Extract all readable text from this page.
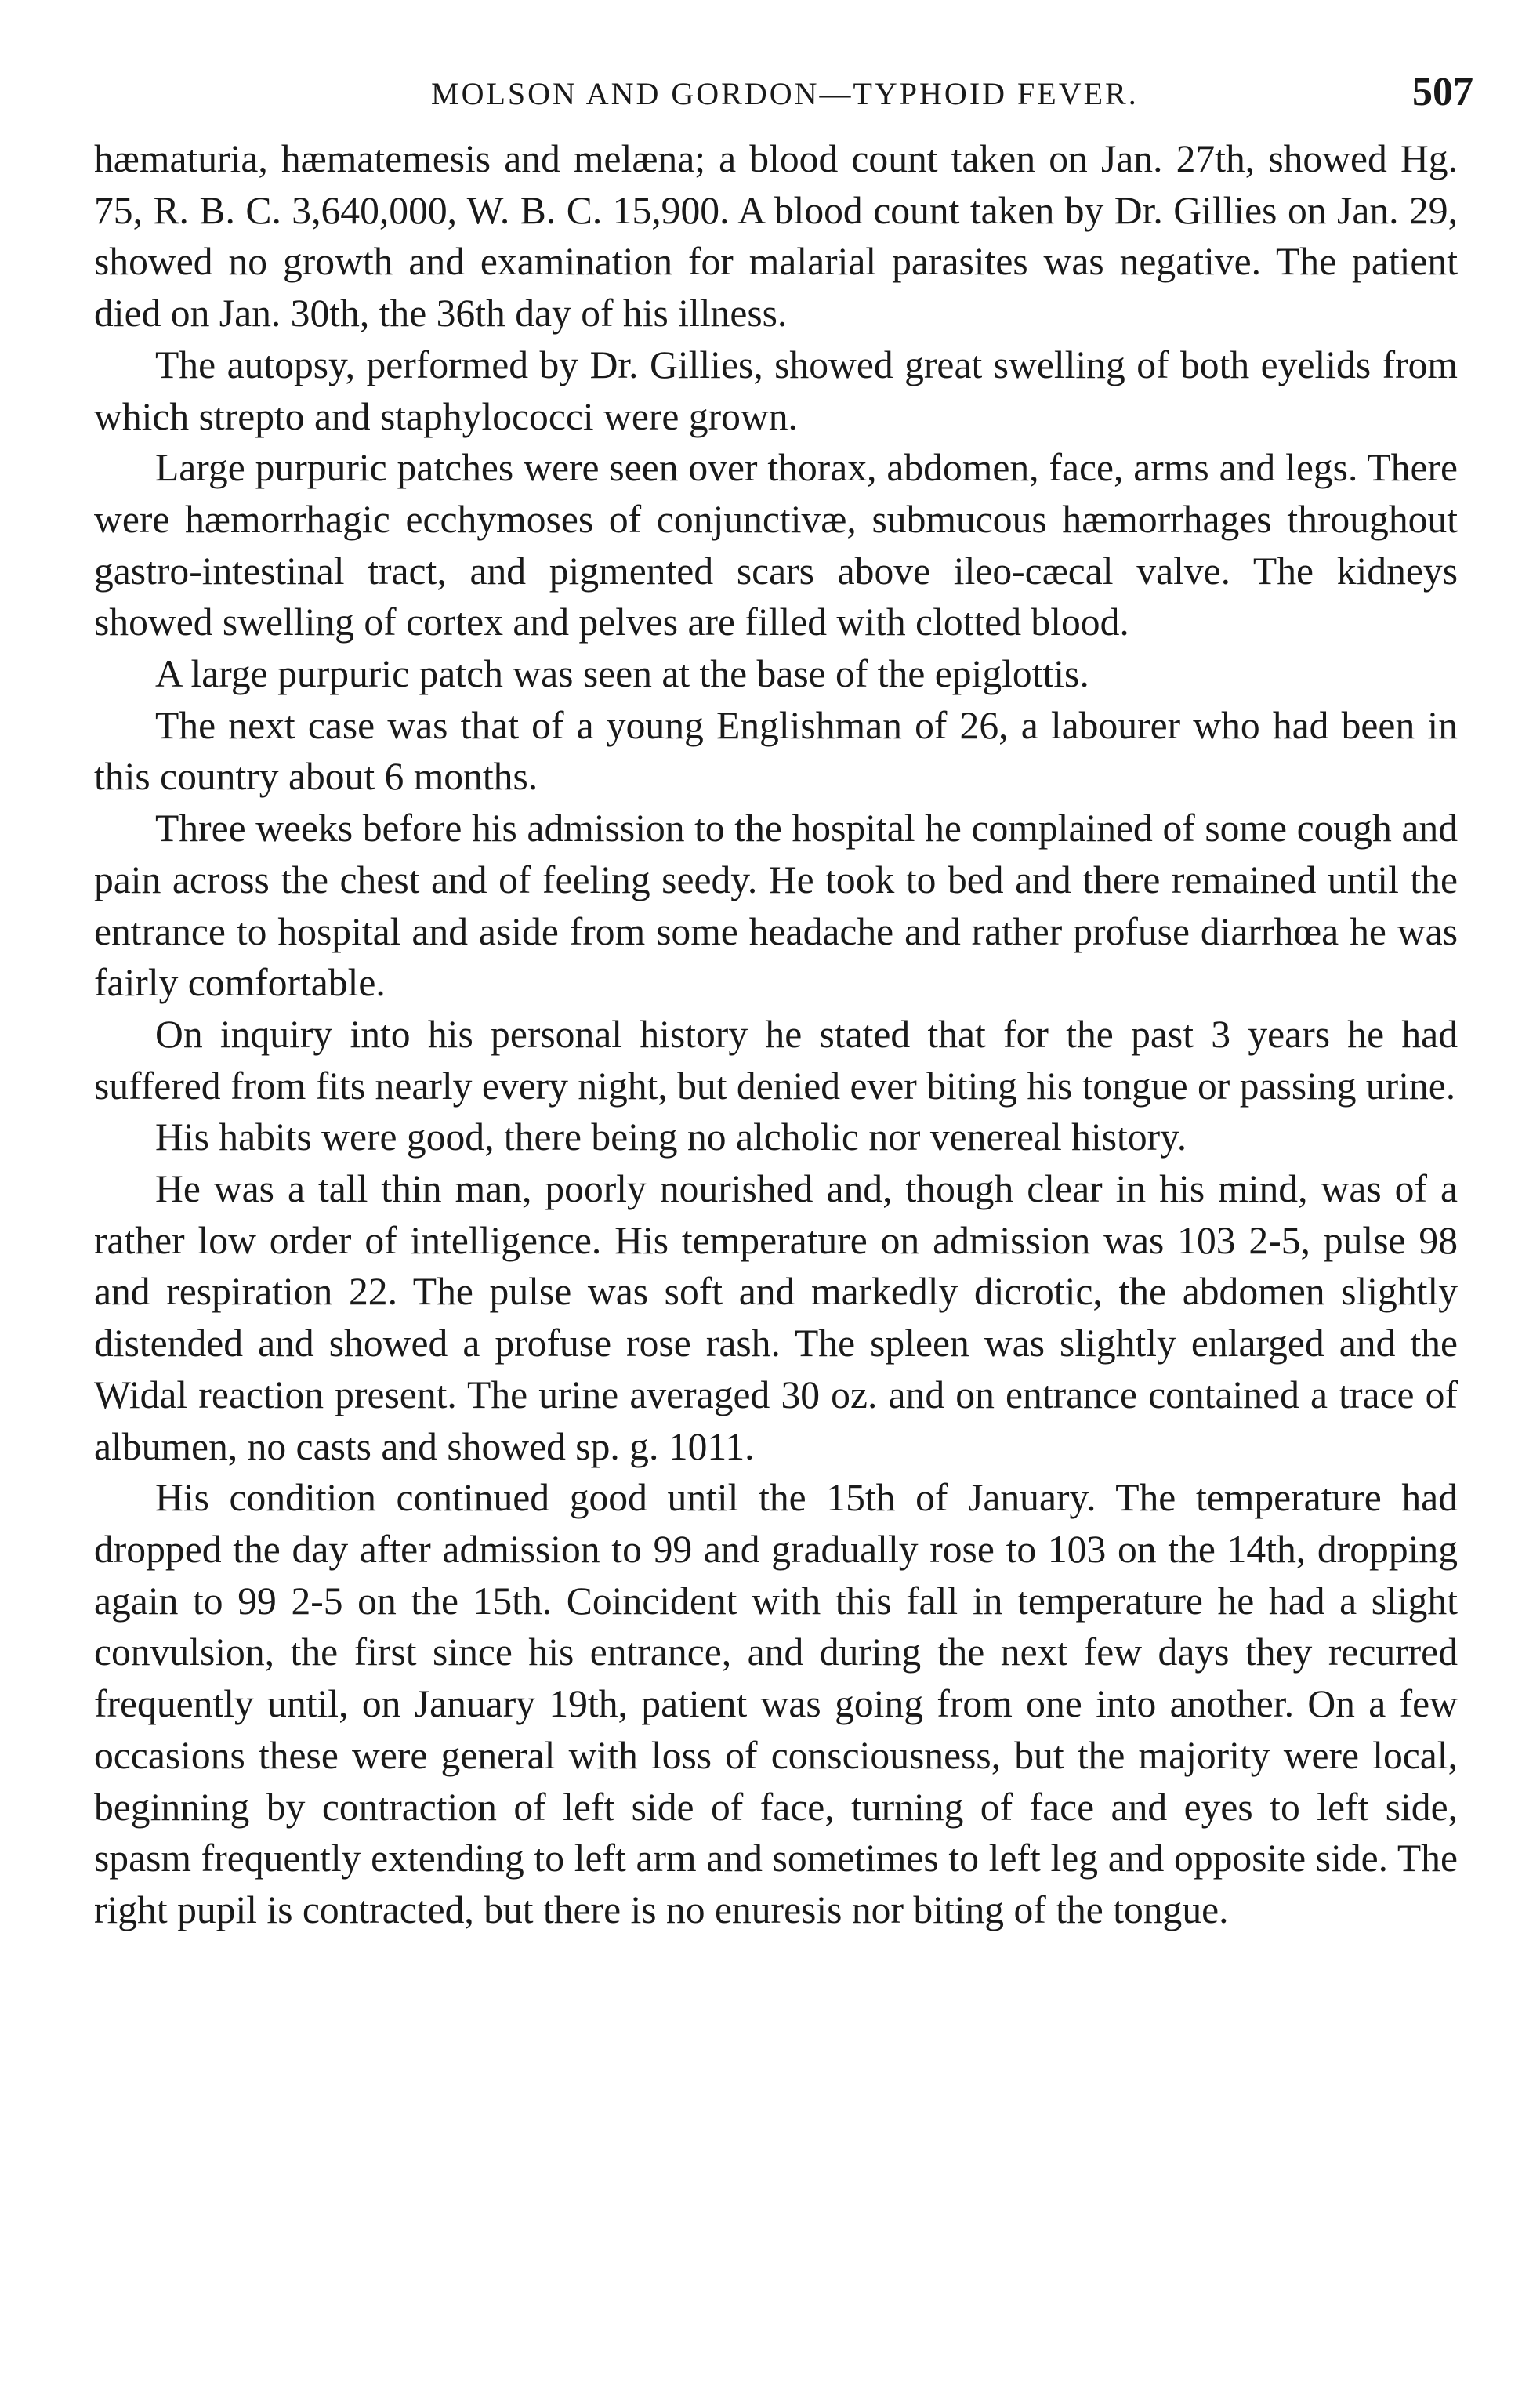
MOLSON AND GORDON—TYPHOID FEVER.	507

hæmaturia, hæmatemesis and melæna; a blood count taken on Jan. 27th, showed Hg. 75, R. B. C. 3,640,000, W. B. C. 15,900. A blood count taken by Dr. Gillies on Jan. 29, showed no growth and examination for malarial parasites was negative. The patient died on Jan. 30th, the 36th day of his illness.

The autopsy, performed by Dr. Gillies, showed great swelling of both eyelids from which strepto and staphylococci were grown.

Large purpuric patches were seen over thorax, abdomen, face, arms and legs. There were hæmorrhagic ecchymoses of conjunctivæ, submucous hæmorrhages throughout gastro-intestinal tract, and pigmented scars above ileo-cæcal valve. The kidneys showed swelling of cortex and pelves are filled with clotted blood.

A large purpuric patch was seen at the base of the epiglottis.

The next case was that of a young Englishman of 26, a labourer who had been in this country about 6 months.

Three weeks before his admission to the hospital he complained of some cough and pain across the chest and of feeling seedy. He took to bed and there remained until the entrance to hospital and aside from some headache and rather profuse diarrhœa he was fairly comfortable.

On inquiry into his personal history he stated that for the past 3 years he had suffered from fits nearly every night, but denied ever biting his tongue or passing urine.

His habits were good, there being no alcholic nor venereal history.

He was a tall thin man, poorly nourished and, though clear in his mind, was of a rather low order of intelligence. His temperature on admission was 103 2-5, pulse 98 and respiration 22. The pulse was soft and markedly dicrotic, the abdomen slightly distended and showed a profuse rose rash. The spleen was slightly enlarged and the Widal reaction present. The urine averaged 30 oz. and on entrance contained a trace of albumen, no casts and showed sp. g. 1011.

His condition continued good until the 15th of January. The temperature had dropped the day after admission to 99 and gradually rose to 103 on the 14th, dropping again to 99 2-5 on the 15th. Coincident with this fall in temperature he had a slight convulsion, the first since his entrance, and during the next few days they recurred frequently until, on January 19th, patient was going from one into another. On a few occasions these were general with loss of consciousness, but the majority were local, beginning by contraction of left side of face, turning of face and eyes to left side, spasm frequently extending to left arm and sometimes to left leg and opposite side. The right pupil is contracted, but there is no enuresis nor biting of the tongue.
